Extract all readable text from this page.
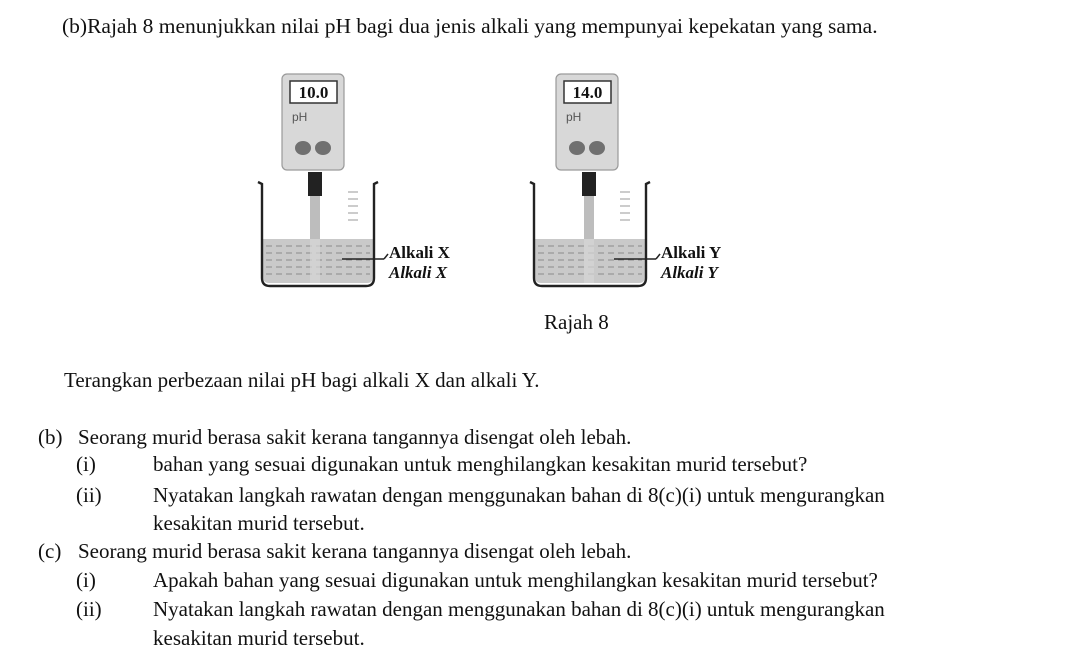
(b)Rajah 8 menunjukkan nilai pH bagi dua jenis alkali yang mempunyai kepekatan yang sama.
10.0
pH
Alkali X
Alkali X
14.0
pH
Alkali Y
Alkali Y
Rajah 8
Terangkan perbezaan nilai pH bagi alkali X dan alkali Y.
(b) Seorang murid berasa sakit kerana tangannya disengat oleh lebah.
(i)	bahan yang sesuai digunakan untuk menghilangkan kesakitan murid tersebut?
(ii) Nyatakan langkah rawatan dengan menggunakan bahan di 8(c)(i) untuk mengurangkan
kesakitan murid tersebut.
(c) Seorang murid berasa sakit kerana tangannya disengat oleh lebah.
(i)	Apakah bahan yang sesuai digunakan untuk menghilangkan kesakitan murid tersebut?
(ii) Nyatakan langkah rawatan dengan menggunakan bahan di 8(c)(i) untuk mengurangkan
kesakitan murid tersebut.
